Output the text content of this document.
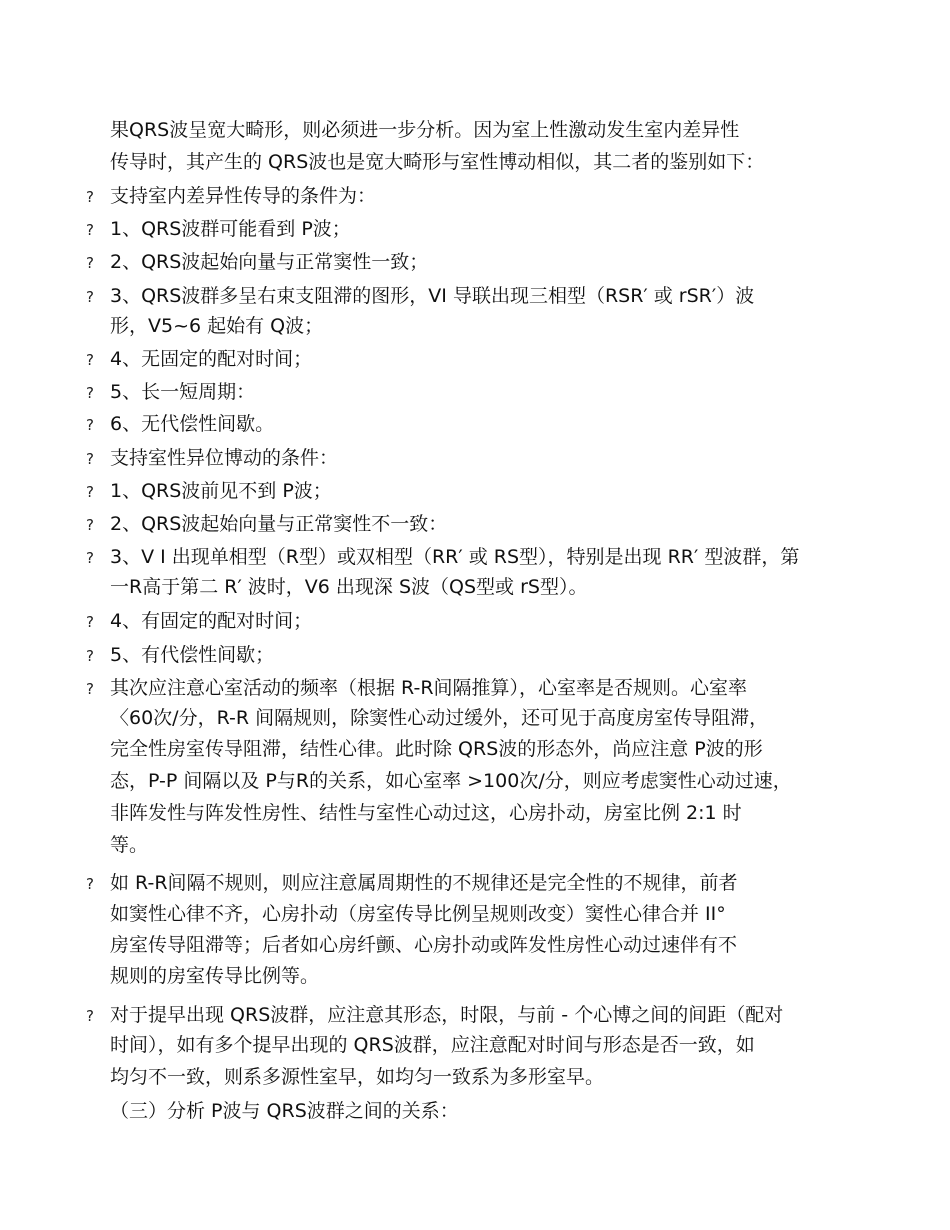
果QRS波呈宽大畸形，则必须进一步分析。因为室上性激动发生室内差异性
传导时，其产生的 QRS波也是宽大畸形与室性博动相似，其二者的鉴别如下：
? 支持室内差异性传导的条件为：
? 1、QRS波群可能看到 P波；
? 2、QRS波起始向量与正常窦性一致；
? 3、QRS波群多呈右束支阻滞的图形，VI 导联出现三相型（RSR′ 或 rSR′）波
形，V5~6 起始有 Q波；
? 4、无固定的配对时间；
? 5、长一短周期：
? 6、无代偿性间歇。
? 支持室性异位博动的条件：
? 1、QRS波前见不到 P波；
? 2、QRS波起始向量与正常窦性不一致：
? 3、V I 出现单相型（R型）或双相型（RR′ 或 RS型），特别是出现 RR′ 型波群，第
一R高于第二 R′ 波时，V6 出现深 S波（QS型或 rS型）。
? 4、有固定的配对时间；
? 5、有代偿性间歇；
? 其次应注意心室活动的频率（根据 R-R间隔推算），心室率是否规则。心室率
〈60次/分，R-R 间隔规则，除窦性心动过缓外，还可见于高度房室传导阻滞，
完全性房室传导阻滞，结性心律。此时除 QRS波的形态外，尚应注意 P波的形
态，P-P 间隔以及 P与R的关系，如心室率 >100次/分，则应考虑窦性心动过速，
非阵发性与阵发性房性、结性与室性心动过这，心房扑动，房室比例 2:1 时
等。
? 如 R-R间隔不规则，则应注意属周期性的不规律还是完全性的不规律，前者
如窦性心律不齐，心房扑动（房室传导比例呈规则改变）窦性心律合并 II°
房室传导阻滞等；后者如心房纤颤、心房扑动或阵发性房性心动过速伴有不
规则的房室传导比例等。
? 对于提早出现 QRS波群，应注意其形态，时限，与前 - 个心博之间的间距（配对
时间），如有多个提早出现的 QRS波群，应注意配对时间与形态是否一致，如
均匀不一致，则系多源性室早，如均匀一致系为多形室早。
（三）分析 P波与 QRS波群之间的关系：
